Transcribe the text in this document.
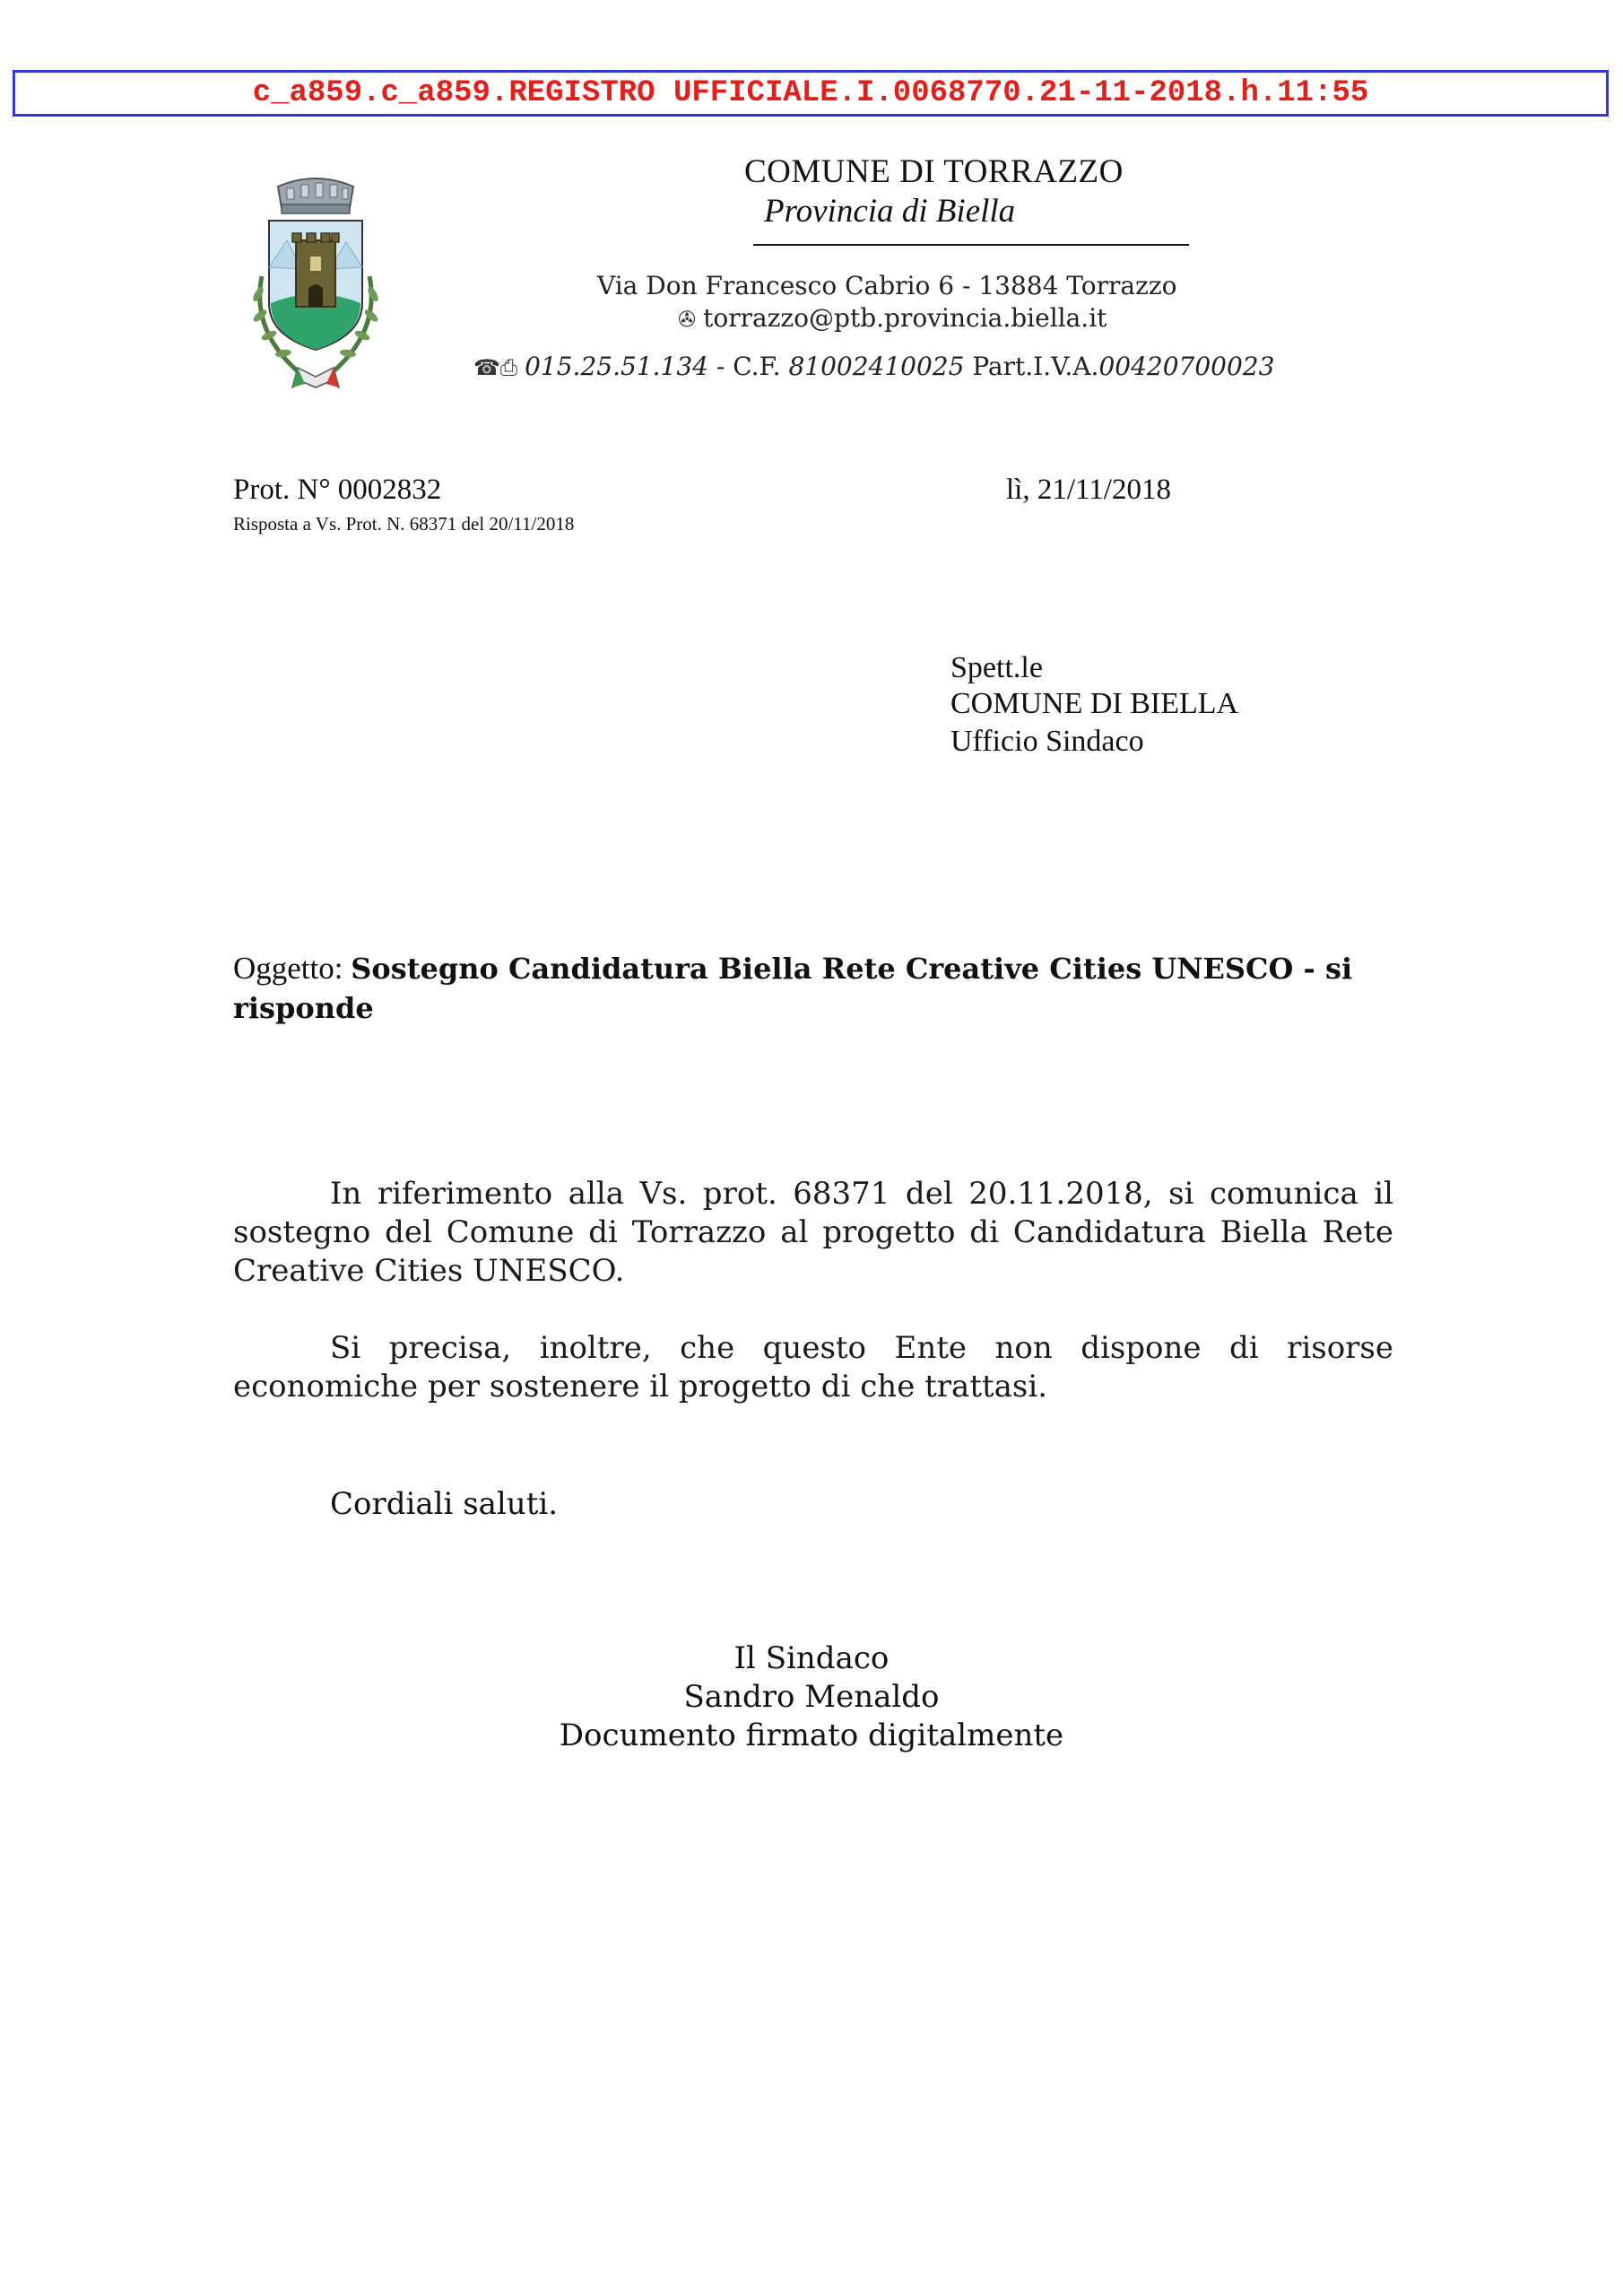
c_a859.c_a859.REGISTRO UFFICIALE.I.0068770.21-11-2018.h.11:55
COMUNE DI TORRAZZO
Provincia di Biella
Via Don Francesco Cabrio 6 - 13884 Torrazzo
✇ torrazzo@ptb.provincia.biella.it
☎⎙ 015.25.51.134 - C.F. 81002410025 Part.I.V.A.00420700023
Prot. N° 0002832
Risposta a Vs. Prot. N. 68371 del 20/11/2018
lì, 21/11/2018
Spett.le
COMUNE DI BIELLA
Ufficio Sindaco
Oggetto: Sostegno Candidatura Biella Rete Creative Cities UNESCO - si risponde
In riferimento alla Vs. prot. 68371 del 20.11.2018, si comunica il sostegno del Comune di Torrazzo al progetto di Candidatura Biella Rete Creative Cities UNESCO.
Si precisa, inoltre, che questo Ente non dispone di risorse economiche per sostenere il progetto di che trattasi.
Cordiali saluti.
Il Sindaco
Sandro Menaldo
Documento firmato digitalmente
